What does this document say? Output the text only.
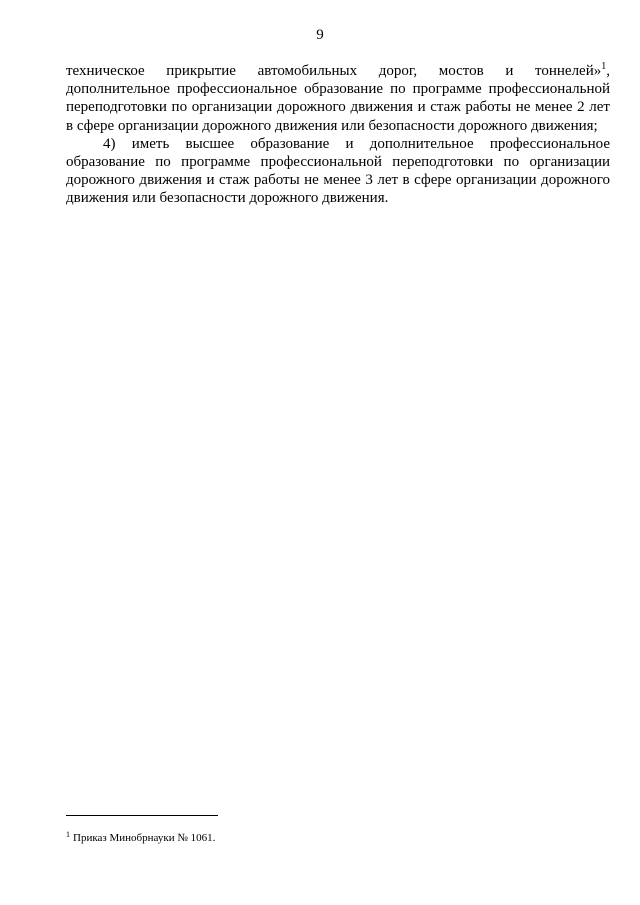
9

техническое прикрытие автомобильных дорог, мостов и тоннелей»$^1$,
дополнительное профессиональное образование по программе профессиональной переподготовки по организации дорожного движения и стаж работы не менее 2 лет в сфере организации дорожного движения или безопасности дорожного движения;

4) иметь высшее образование и дополнительное профессиональное образование по программе профессиональной переподготовки по организации дорожного движения и стаж работы не менее 3 лет в сфере организации дорожного движения или безопасности дорожного движения.

$^1$ Приказ Минобрнауки № 1061.
